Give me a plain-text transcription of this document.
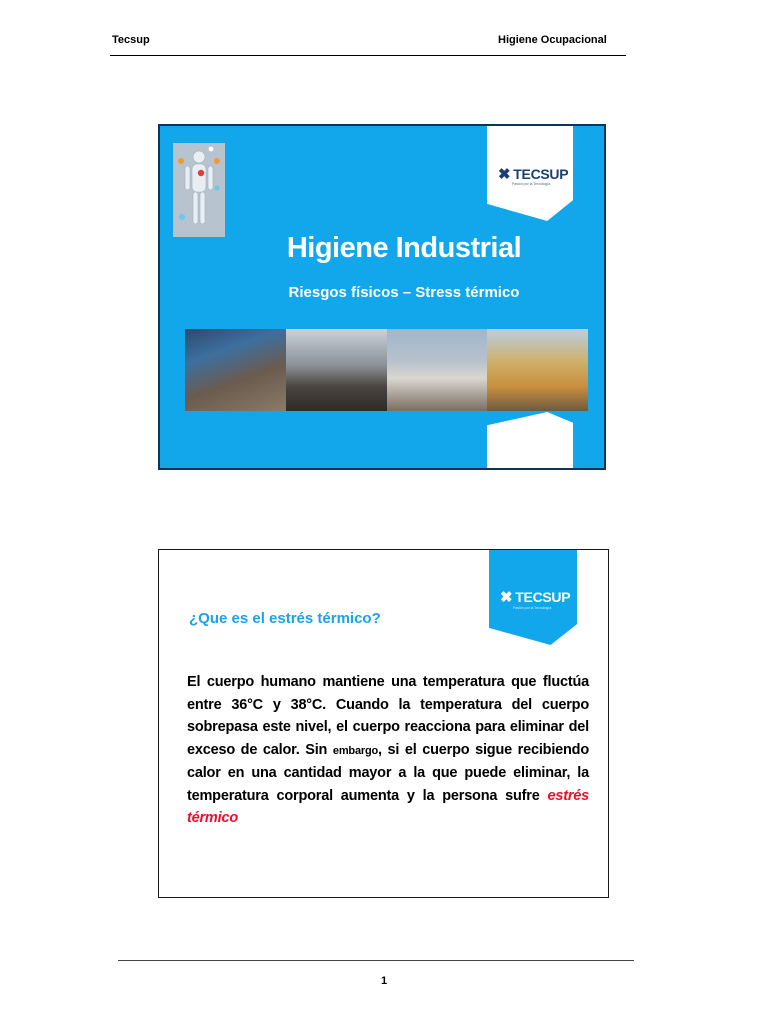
Tecsup	Higiene Ocupacional
✖ TECSUP
Pasión por la Tecnología
Higiene Industrial
Riesgos físicos – Stress térmico
www.tecsup.edu.pe
✖ TECSUP
Pasión por la Tecnología
¿Que es el estrés térmico?
El cuerpo humano mantiene una temperatura que fluctúa entre 36°C y 38°C. Cuando la temperatura del cuerpo sobrepasa este nivel, el cuerpo reacciona para eliminar del exceso de calor. Sin embargo, si el cuerpo sigue recibiendo calor en una cantidad mayor a la que puede eliminar, la temperatura corporal aumenta y la persona sufre estrés térmico
1
